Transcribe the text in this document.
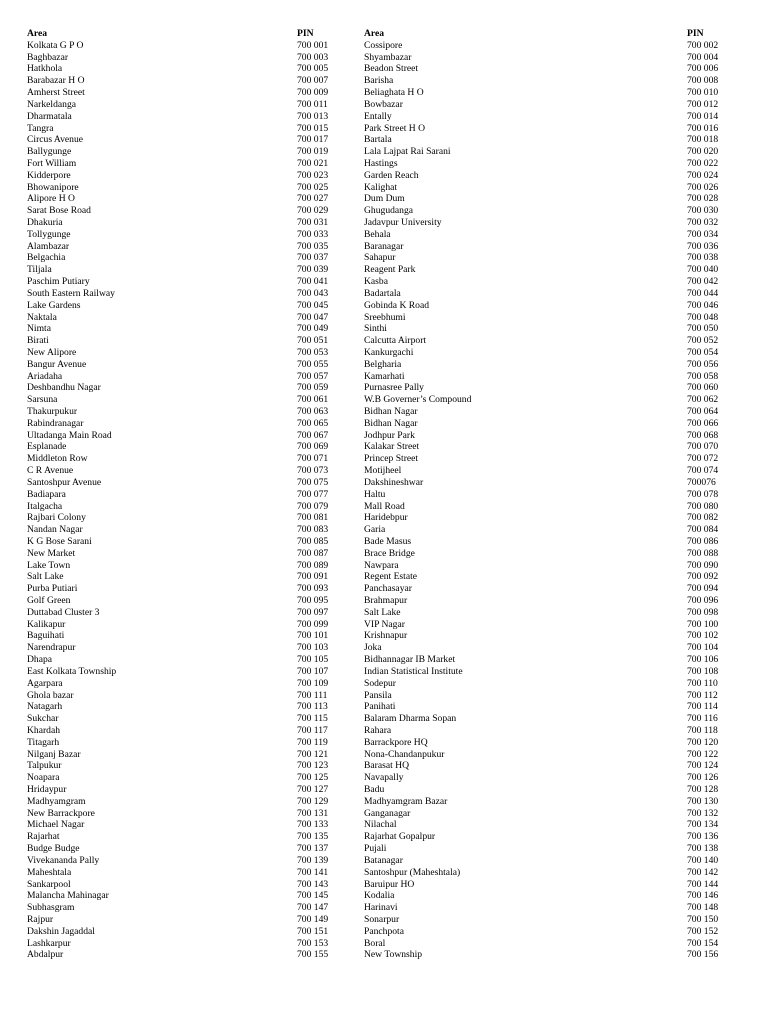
Area	PIN
Kolkata G P O	700 001
Baghbazar	700 003
Hatkhola	700 005
Barabazar H O	700 007
Amherst Street	700 009
Narkeldanga	700 011
Dharmatala	700 013
Tangra	700 015
Circus Avenue	700 017
Ballygunge	700 019
Fort William	700 021
Kidderpore	700 023
Bhowanipore	700 025
Alipore H O	700 027
Sarat Bose Road	700 029
Dhakuria	700 031
Tollygunge	700 033
Alambazar	700 035
Belgachia	700 037
Tiljala	700 039
Paschim Putiary	700 041
South Eastern Railway	700 043
Lake Gardens	700 045
Naktala	700 047
Nimta	700 049
Birati	700 051
New Alipore	700 053
Bangur Avenue	700 055
Ariadaha	700 057
Deshbandhu Nagar	700 059
Sarsuna	700 061
Thakurpukur	700 063
Rabindranagar	700 065
Ultadanga Main Road	700 067
Esplanade	700 069
Middleton Row	700 071
C R Avenue	700 073
Santoshpur Avenue	700 075
Badiapara	700 077
Italgacha	700 079
Rajbari Colony	700 081
Nandan Nagar	700 083
K G Bose Sarani	700 085
New Market	700 087
Lake Town	700 089
Salt Lake	700 091
Purba Putiari	700 093
Golf Green	700 095
Duttabad Cluster 3	700 097
Kalikapur	700 099
Baguihati	700 101
Narendrapur	700 103
Dhapa	700 105
East Kolkata Township	700 107
Agarpara	700 109
Ghola bazar	700 111
Natagarh	700 113
Sukchar	700 115
Khardah	700 117
Titagarh	700 119
Nilganj Bazar	700 121
Talpukur	700 123
Noapara	700 125
Hridaypur	700 127
Madhyamgram	700 129
New Barrackpore	700 131
Michael Nagar	700 133
Rajarhat	700 135
Budge Budge	700 137
Vivekananda Pally	700 139
Maheshtala	700 141
Sankarpool	700 143
Malancha Mahinagar	700 145
Subhasgram	700 147
Rajpur	700 149
Dakshin Jagaddal	700 151
Lashkarpur	700 153
Abdalpur	700 155
Area	PIN
Cossipore	700 002
Shyambazar	700 004
Beadon Street	700 006
Barisha	700 008
Beliaghata H O	700 010
Bowbazar	700 012
Entally	700 014
Park Street H O	700 016
Bartala	700 018
Lala Lajpat Rai Sarani	700 020
Hastings	700 022
Garden Reach	700 024
Kalighat	700 026
Dum Dum	700 028
Ghugudanga	700 030
Jadavpur University	700 032
Behala	700 034
Baranagar	700 036
Sahapur	700 038
Reagent Park	700 040
Kasba	700 042
Badartala	700 044
Gobinda K Road	700 046
Sreebhumi	700 048
Sinthi	700 050
Calcutta Airport	700 052
Kankurgachi	700 054
Belgharia	700 056
Kamarhati	700 058
Purnasree Pally	700 060
W.B Governer’s Compound	700 062
Bidhan Nagar	700 064
Bidhan Nagar	700 066
Jodhpur Park	700 068
Kalakar Street	700 070
Princep Street	700 072
Motijheel	700 074
Dakshineshwar	700076
Haltu	700 078
Mall Road	700 080
Haridebpur	700 082
Garia	700 084
Bade Masus	700 086
Brace Bridge	700 088
Nawpara	700 090
Regent Estate	700 092
Panchasayar	700 094
Brahmapur	700 096
Salt Lake	700 098
VIP Nagar	700 100
Krishnapur	700 102
Joka	700 104
Bidhannagar IB Market	700 106
Indian Statistical Institute	700 108
Sodepur	700 110
Pansila	700 112
Panihati	700 114
Balaram Dharma Sopan	700 116
Rahara	700 118
Barrackpore HQ	700 120
Nona-Chandanpukur	700 122
Barasat HQ	700 124
Navapally	700 126
Badu	700 128
Madhyamgram Bazar	700 130
Ganganagar	700 132
Nilachal	700 134
Rajarhat Gopalpur	700 136
Pujali	700 138
Batanagar	700 140
Santoshpur (Maheshtala)	700 142
Baruipur HO	700 144
Kodalia	700 146
Harinavi	700 148
Sonarpur	700 150
Panchpota	700 152
Boral	700 154
New Township	700 156
